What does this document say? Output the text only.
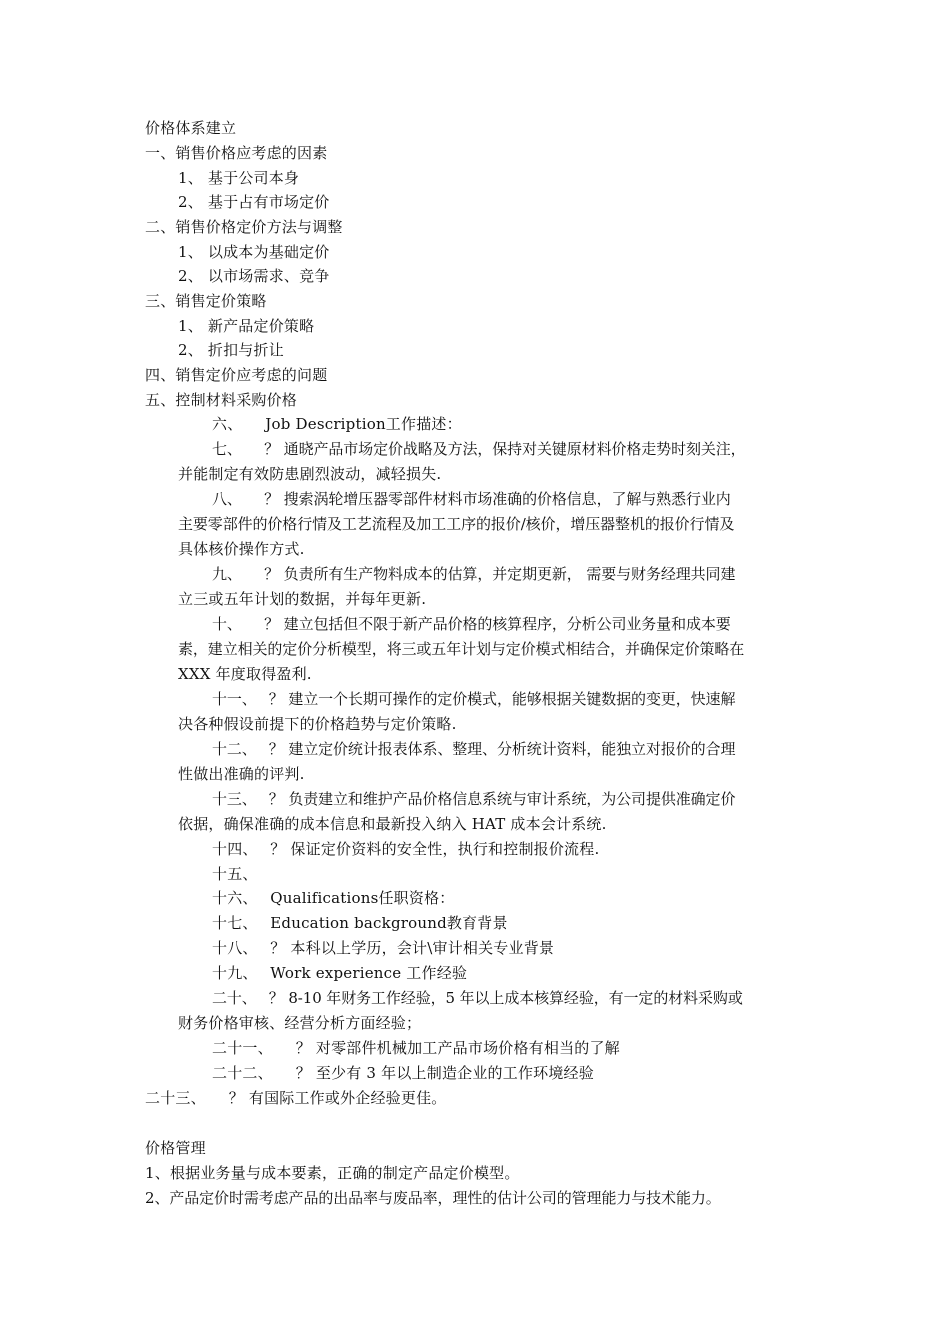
价格体系建立
一、销售价格应考虑的因素
1、 基于公司本身
2、 基于占有市场定价
二、销售价格定价方法与调整
1、 以成本为基础定价
2、 以市场需求、竞争
三、销售定价策略
1、 新产品定价策略
2、 折扣与折让
四、销售定价应考虑的问题
五、控制材料采购价格
六、　　Job Description工作描述：
七、　　？ 通晓产品市场定价战略及方法，保持对关键原材料价格走势时刻关注，
并能制定有效防患剧烈波动，减轻损失.
八、　　？ 搜索涡轮增压器零部件材料市场准确的价格信息，了解与熟悉行业内
主要零部件的价格行情及工艺流程及加工工序的报价/核价，增压器整机的报价行情及
具体核价操作方式.
九、　　？ 负责所有生产物料成本的估算，并定期更新， 需要与财务经理共同建
立三或五年计划的数据，并每年更新.
十、　　？ 建立包括但不限于新产品价格的核算程序，分析公司业务量和成本要
素，建立相关的定价分析模型，将三或五年计划与定价模式相结合，并确保定价策略在
XXX 年度取得盈利.
十一、　 ？ 建立一个长期可操作的定价模式，能够根据关键数据的变更，快速解
决各种假设前提下的价格趋势与定价策略.
十二、　 ？ 建立定价统计报表体系、整理、分析统计资料，能独立对报价的合理
性做出准确的评判.
十三、　 ？ 负责建立和维护产品价格信息系统与审计系统，为公司提供准确定价
依据，确保准确的成本信息和最新投入纳入 HAT 成本会计系统.
十四、　 ？ 保证定价资料的安全性，执行和控制报价流程.
十五、
十六、　 Qualifications任职资格：
十七、　 Education background教育背景
十八、　 ？ 本科以上学历，会计\审计相关专业背景
十九、　 Work experience 工作经验
二十、　 ？ 8-10 年财务工作经验，5 年以上成本核算经验，有一定的材料采购或
财务价格审核、经营分析方面经验；
二十一、　　？ 对零部件机械加工产品市场价格有相当的了解
二十二、　　？ 至少有 3 年以上制造企业的工作环境经验
二十三、　　？ 有国际工作或外企经验更佳。
价格管理
1、根据业务量与成本要素，正确的制定产品定价模型。
2、产品定价时需考虑产品的出品率与废品率，理性的估计公司的管理能力与技术能力。
